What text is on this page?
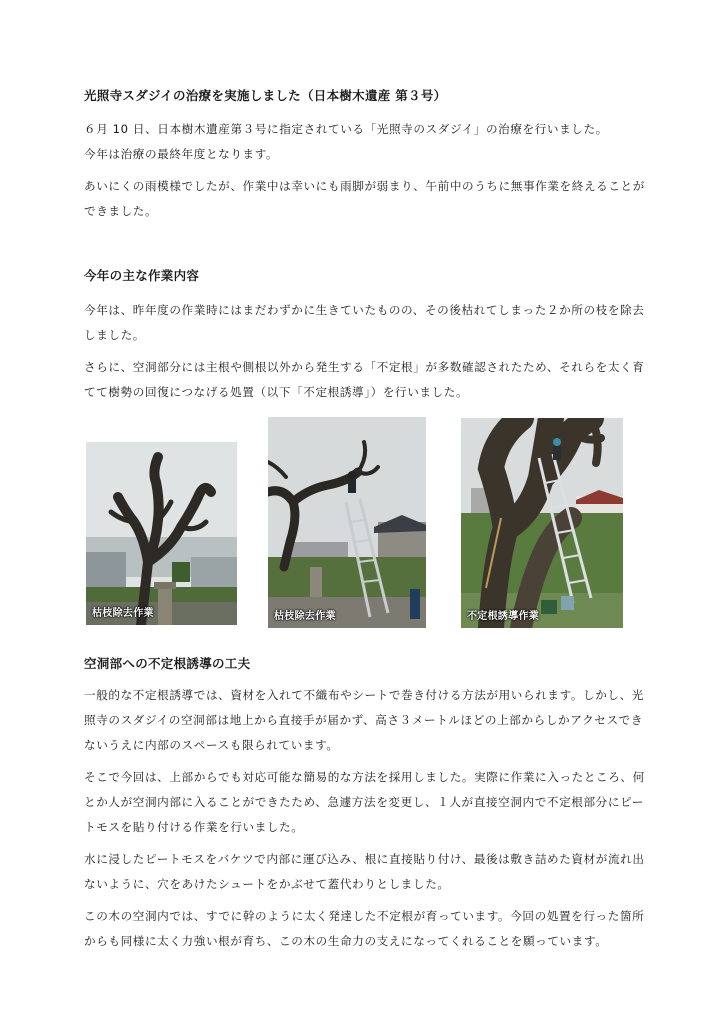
光照寺スダジイの治療を実施しました（日本樹木遺産 第３号）
６月 10 日、日本樹木遺産第３号に指定されている「光照寺のスダジイ」の治療を行いました。
今年は治療の最終年度となります。
あいにくの雨模様でしたが、作業中は幸いにも雨脚が弱まり、午前中のうちに無事作業を終えることが
できました。
今年の主な作業内容
今年は、昨年度の作業時にはまだわずかに生きていたものの、その後枯れてしまった２か所の枝を除去
しました。
さらに、空洞部分には主根や側根以外から発生する「不定根」が多数確認されたため、それらを太く育
てて樹勢の回復につなげる処置（以下「不定根誘導」）を行いました。
枯枝除去作業	枯枝除去作業	不定根誘導作業
空洞部への不定根誘導の工夫
一般的な不定根誘導では、資材を入れて不織布やシートで巻き付ける方法が用いられます。しかし、光
照寺のスダジイの空洞部は地上から直接手が届かず、高さ３メートルほどの上部からしかアクセスでき
ないうえに内部のスペースも限られています。
そこで今回は、上部からでも対応可能な簡易的な方法を採用しました。実際に作業に入ったところ、何
とか人が空洞内部に入ることができたため、急遽方法を変更し、１人が直接空洞内で不定根部分にピー
トモスを貼り付ける作業を行いました。
水に浸したピートモスをバケツで内部に運び込み、根に直接貼り付け、最後は敷き詰めた資材が流れ出
ないように、穴をあけたシュートをかぶせて蓋代わりとしました。
この木の空洞内では、すでに幹のように太く発達した不定根が育っています。今回の処置を行った箇所
からも同様に太く力強い根が育ち、この木の生命力の支えになってくれることを願っています。
